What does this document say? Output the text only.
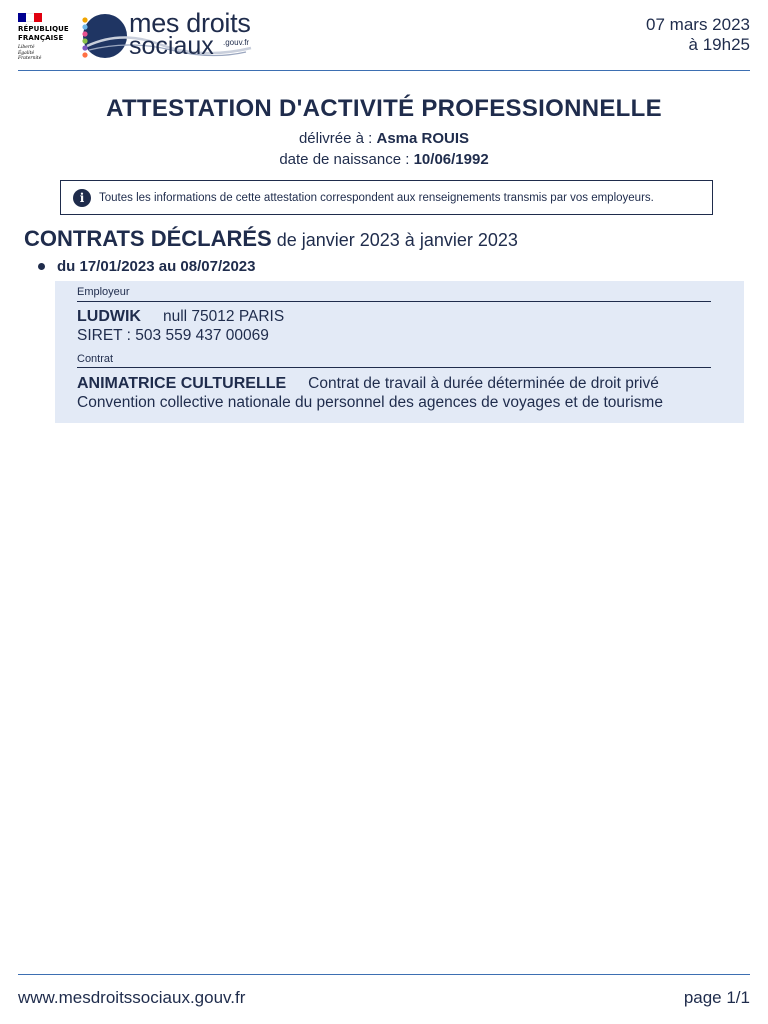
RÉPUBLIQUE
FRANÇAISE
Liberté
Égalité
Fraternité
mes droits
sociaux .gouv.fr
07 mars 2023
à 19h25
ATTESTATION D'ACTIVITÉ PROFESSIONNELLE
délivrée à : Asma ROUIS
date de naissance : 10/06/1992
i	Toutes les informations de cette attestation correspondent aux renseignements transmis par vos employeurs.
CONTRATS DÉCLARÉS de janvier 2023 à janvier 2023
du 17/01/2023 au 08/07/2023
Employeur
LUDWIK null 75012 PARIS
SIRET : 503 559 437 00069
Contrat
ANIMATRICE CULTURELLE Contrat de travail à durée déterminée de droit privé
Convention collective nationale du personnel des agences de voyages et de tourisme
www.mesdroitssociaux.gouv.fr	page 1/1
